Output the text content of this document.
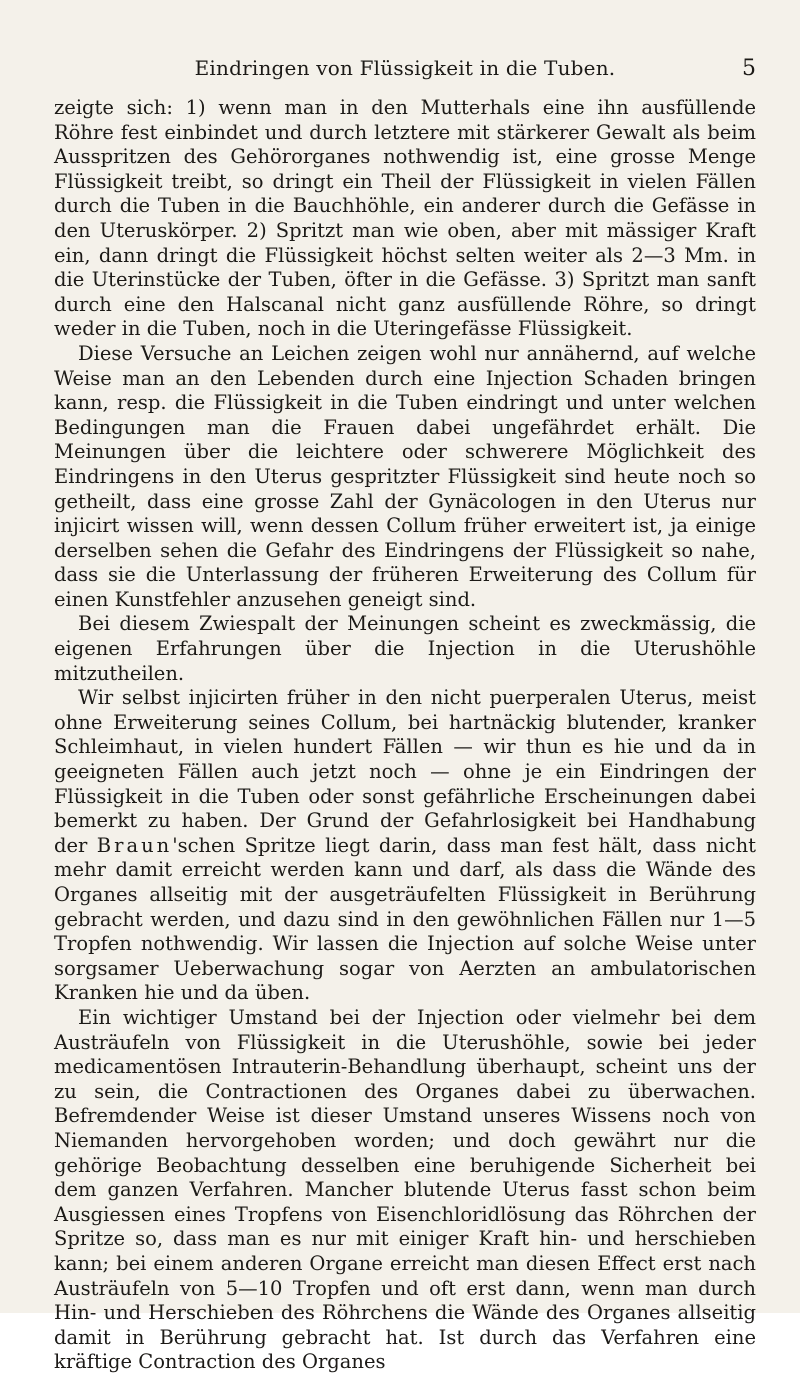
Eindringen von Flüssigkeit in die Tuben.	5

zeigte sich: 1) wenn man in den Mutterhals eine ihn ausfüllende Röhre fest einbindet und durch letztere mit stärkerer Gewalt als beim Ausspritzen des Gehörorganes nothwendig ist, eine grosse Menge Flüssigkeit treibt, so dringt ein Theil der Flüssigkeit in vielen Fällen durch die Tuben in die Bauchhöhle, ein anderer durch die Gefässe in den Uteruskörper. 2) Spritzt man wie oben, aber mit mässiger Kraft ein, dann dringt die Flüssigkeit höchst selten weiter als 2—3 Mm. in die Uterinstücke der Tuben, öfter in die Gefässe. 3) Spritzt man sanft durch eine den Halscanal nicht ganz ausfüllende Röhre, so dringt weder in die Tuben, noch in die Uteringefässe Flüssigkeit.

Diese Versuche an Leichen zeigen wohl nur annähernd, auf welche Weise man an den Lebenden durch eine Injection Schaden bringen kann, resp. die Flüssigkeit in die Tuben eindringt und unter welchen Bedingungen man die Frauen dabei ungefährdet erhält. Die Meinungen über die leichtere oder schwerere Möglichkeit des Eindringens in den Uterus gespritzter Flüssigkeit sind heute noch so getheilt, dass eine grosse Zahl der Gynäcologen in den Uterus nur injicirt wissen will, wenn dessen Collum früher erweitert ist, ja einige derselben sehen die Gefahr des Eindringens der Flüssigkeit so nahe, dass sie die Unterlassung der früheren Erweiterung des Collum für einen Kunstfehler anzusehen geneigt sind.

Bei diesem Zwiespalt der Meinungen scheint es zweckmässig, die eigenen Erfahrungen über die Injection in die Uterushöhle mitzutheilen.

Wir selbst injicirten früher in den nicht puerperalen Uterus, meist ohne Erweiterung seines Collum, bei hartnäckig blutender, kranker Schleimhaut, in vielen hundert Fällen — wir thun es hie und da in geeigneten Fällen auch jetzt noch — ohne je ein Eindringen der Flüssigkeit in die Tuben oder sonst gefährliche Erscheinungen dabei bemerkt zu haben. Der Grund der Gefahrlosigkeit bei Handhabung der Braun'schen Spritze liegt darin, dass man fest hält, dass nicht mehr damit erreicht werden kann und darf, als dass die Wände des Organes allseitig mit der ausgeträufelten Flüssigkeit in Berührung gebracht werden, und dazu sind in den gewöhnlichen Fällen nur 1—5 Tropfen nothwendig. Wir lassen die Injection auf solche Weise unter sorgsamer Ueberwachung sogar von Aerzten an ambulatorischen Kranken hie und da üben.

Ein wichtiger Umstand bei der Injection oder vielmehr bei dem Austräufeln von Flüssigkeit in die Uterushöhle, sowie bei jeder medicamentösen Intrauterin-Behandlung überhaupt, scheint uns der zu sein, die Contractionen des Organes dabei zu überwachen. Befremdender Weise ist dieser Umstand unseres Wissens noch von Niemanden hervorgehoben worden; und doch gewährt nur die gehörige Beobachtung desselben eine beruhigende Sicherheit bei dem ganzen Verfahren. Mancher blutende Uterus fasst schon beim Ausgiessen eines Tropfens von Eisenchloridlösung das Röhrchen der Spritze so, dass man es nur mit einiger Kraft hin- und herschieben kann; bei einem anderen Organe erreicht man diesen Effect erst nach Austräufeln von 5—10 Tropfen und oft erst dann, wenn man durch Hin- und Herschieben des Röhrchens die Wände des Organes allseitig damit in Berührung gebracht hat. Ist durch das Verfahren eine kräftige Contraction des Organes
